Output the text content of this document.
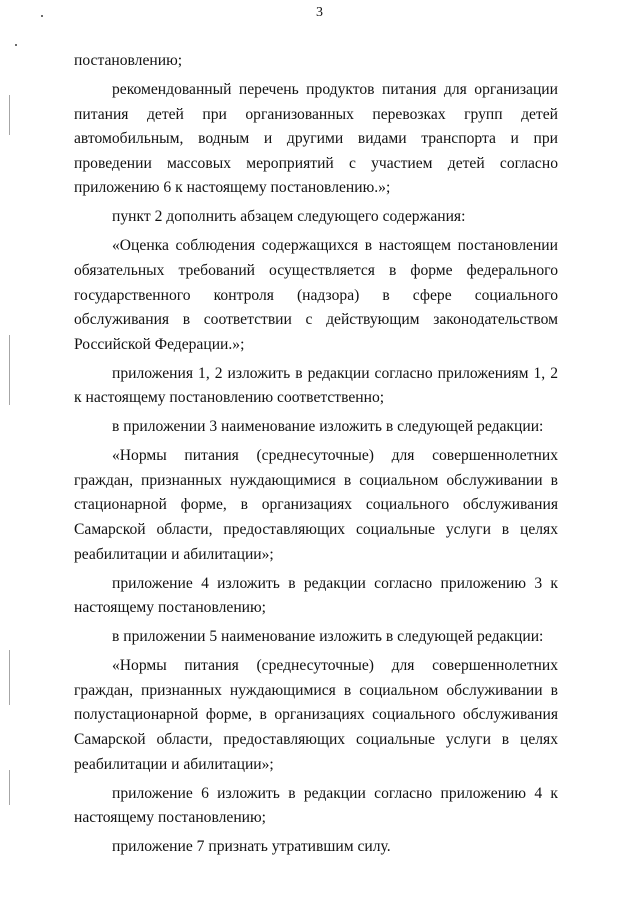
3

постановлению;

рекомендованный перечень продуктов питания для организации питания детей при организованных перевозках групп детей автомобильным, водным и другими видами транспорта и при проведении массовых мероприятий с участием детей согласно приложению 6 к настоящему постановлению.»;

пункт 2 дополнить абзацем следующего содержания:

«Оценка соблюдения содержащихся в настоящем постановлении обязательных требований осуществляется в форме федерального государственного контроля (надзора) в сфере социального обслуживания в соответствии с действующим законодательством Российской Федерации.»;

приложения 1, 2 изложить в редакции согласно приложениям 1, 2 к настоящему постановлению соответственно;

в приложении 3 наименование изложить в следующей редакции:

«Нормы питания (среднесуточные) для совершеннолетних граждан, признанных нуждающимися в социальном обслуживании в стационарной форме, в организациях социального обслуживания Самарской области, предоставляющих социальные услуги в целях реабилитации и абилитации»;

приложение 4 изложить в редакции согласно приложению 3 к настоящему постановлению;

в приложении 5 наименование изложить в следующей редакции:

«Нормы питания (среднесуточные) для совершеннолетних граждан, признанных нуждающимися в социальном обслуживании в полустационарной форме, в организациях социального обслуживания Самарской области, предоставляющих социальные услуги в целях реабилитации и абилитации»;

приложение 6 изложить в редакции согласно приложению 4 к настоящему постановлению;

приложение 7 признать утратившим силу.
